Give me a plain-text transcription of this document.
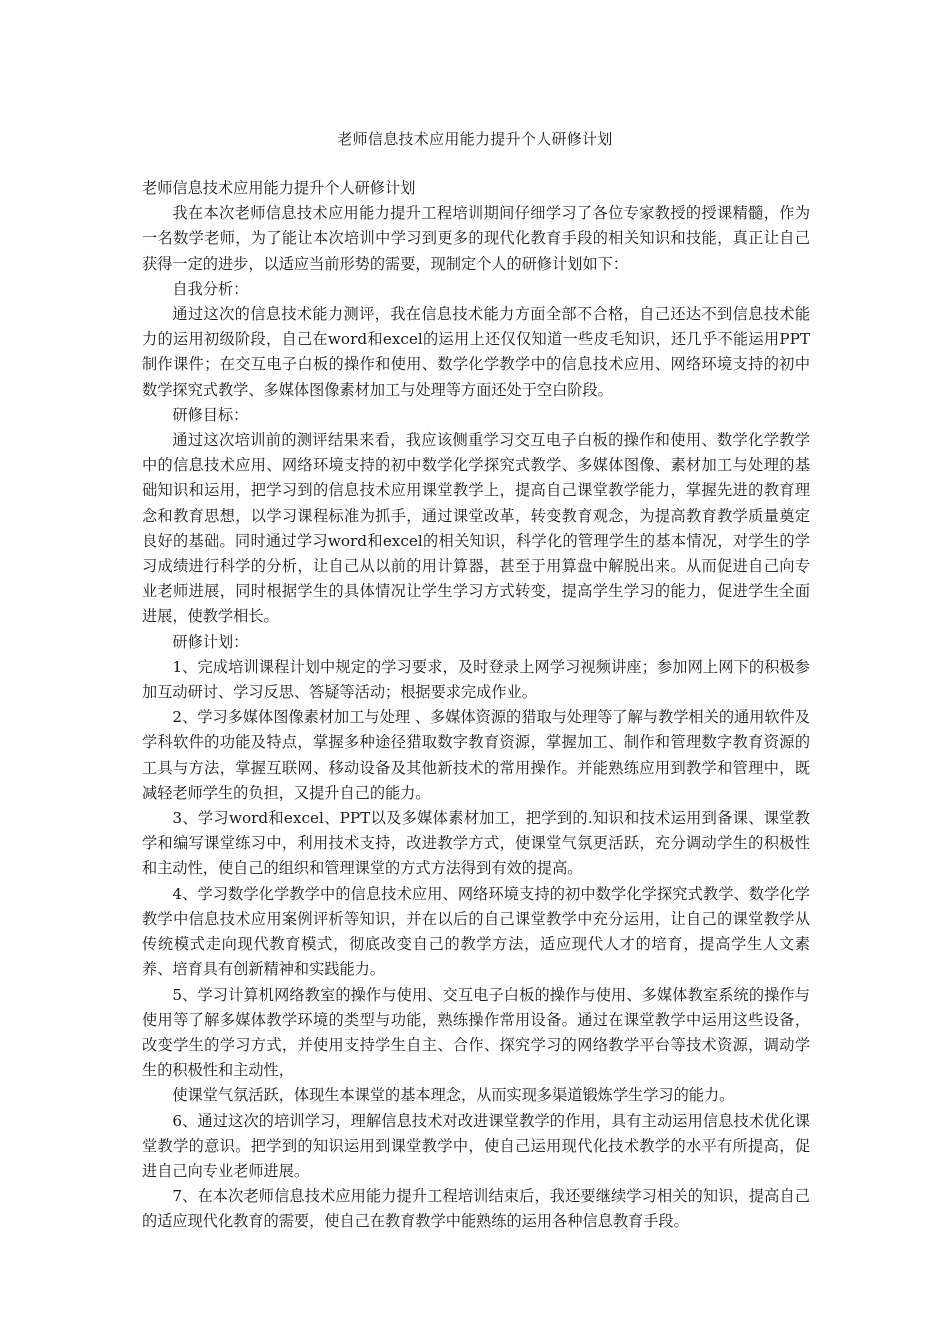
老师信息技术应用能力提升个人研修计划

老师信息技术应用能力提升个人研修计划

我在本次老师信息技术应用能力提升工程培训期间仔细学习了各位专家教授的授课精髓，作为一名数学老师，为了能让本次培训中学习到更多的现代化教育手段的相关知识和技能，真正让自己获得一定的进步，以适应当前形势的需要，现制定个人的研修计划如下：

自我分析：

通过这次的信息技术能力测评，我在信息技术能力方面全部不合格，自己还达不到信息技术能力的运用初级阶段，自己在word和excel的运用上还仅仅知道一些皮毛知识，还几乎不能运用PPT制作课件；在交互电子白板的操作和使用、数学化学教学中的信息技术应用、网络环境支持的初中数学探究式教学、多媒体图像素材加工与处理等方面还处于空白阶段。

研修目标：

通过这次培训前的测评结果来看，我应该侧重学习交互电子白板的操作和使用、数学化学教学中的信息技术应用、网络环境支持的初中数学化学探究式教学、多媒体图像、素材加工与处理的基础知识和运用，把学习到的信息技术应用课堂教学上，提高自己课堂教学能力，掌握先进的教育理念和教育思想，以学习课程标准为抓手，通过课堂改革，转变教育观念，为提高教育教学质量奠定良好的基础。同时通过学习word和excel的相关知识，科学化的管理学生的基本情况，对学生的学习成绩进行科学的分析，让自己从以前的用计算器，甚至于用算盘中解脱出来。从而促进自己向专业老师进展，同时根据学生的具体情况让学生学习方式转变，提高学生学习的能力，促进学生全面进展，使教学相长。

研修计划：

1、完成培训课程计划中规定的学习要求，及时登录上网学习视频讲座；参加网上网下的积极参加互动研讨、学习反思、答疑等活动；根据要求完成作业。

2、学习多媒体图像素材加工与处理 、多媒体资源的猎取与处理等了解与教学相关的通用软件及学科软件的功能及特点，掌握多种途径猎取数字教育资源，掌握加工、制作和管理数字教育资源的工具与方法，掌握互联网、移动设备及其他新技术的常用操作。并能熟练应用到教学和管理中，既减轻老师学生的负担，又提升自己的能力。

3、学习word和excel、PPT以及多媒体素材加工，把学到的.知识和技术运用到备课、课堂教学和编写课堂练习中，利用技术支持，改进教学方式，使课堂气氛更活跃，充分调动学生的积极性和主动性，使自己的组织和管理课堂的方式方法得到有效的提高。

4、学习数学化学教学中的信息技术应用、网络环境支持的初中数学化学探究式教学、数学化学教学中信息技术应用案例评析等知识，并在以后的自己课堂教学中充分运用，让自己的课堂教学从传统模式走向现代教育模式，彻底改变自己的教学方法，适应现代人才的培育，提高学生人文素养、培育具有创新精神和实践能力。

5、学习计算机网络教室的操作与使用、交互电子白板的操作与使用、多媒体教室系统的操作与使用等了解多媒体教学环境的类型与功能，熟练操作常用设备。通过在课堂教学中运用这些设备，改变学生的学习方式，并使用支持学生自主、合作、探究学习的网络教学平台等技术资源，调动学生的积极性和主动性，

使课堂气氛活跃，体现生本课堂的基本理念，从而实现多渠道锻炼学生学习的能力。

6、通过这次的培训学习，理解信息技术对改进课堂教学的作用，具有主动运用信息技术优化课堂教学的意识。把学到的知识运用到课堂教学中，使自己运用现代化技术教学的水平有所提高，促进自己向专业老师进展。

7、在本次老师信息技术应用能力提升工程培训结束后，我还要继续学习相关的知识，提高自己的适应现代化教育的需要，使自己在教育教学中能熟练的运用各种信息教育手段。
